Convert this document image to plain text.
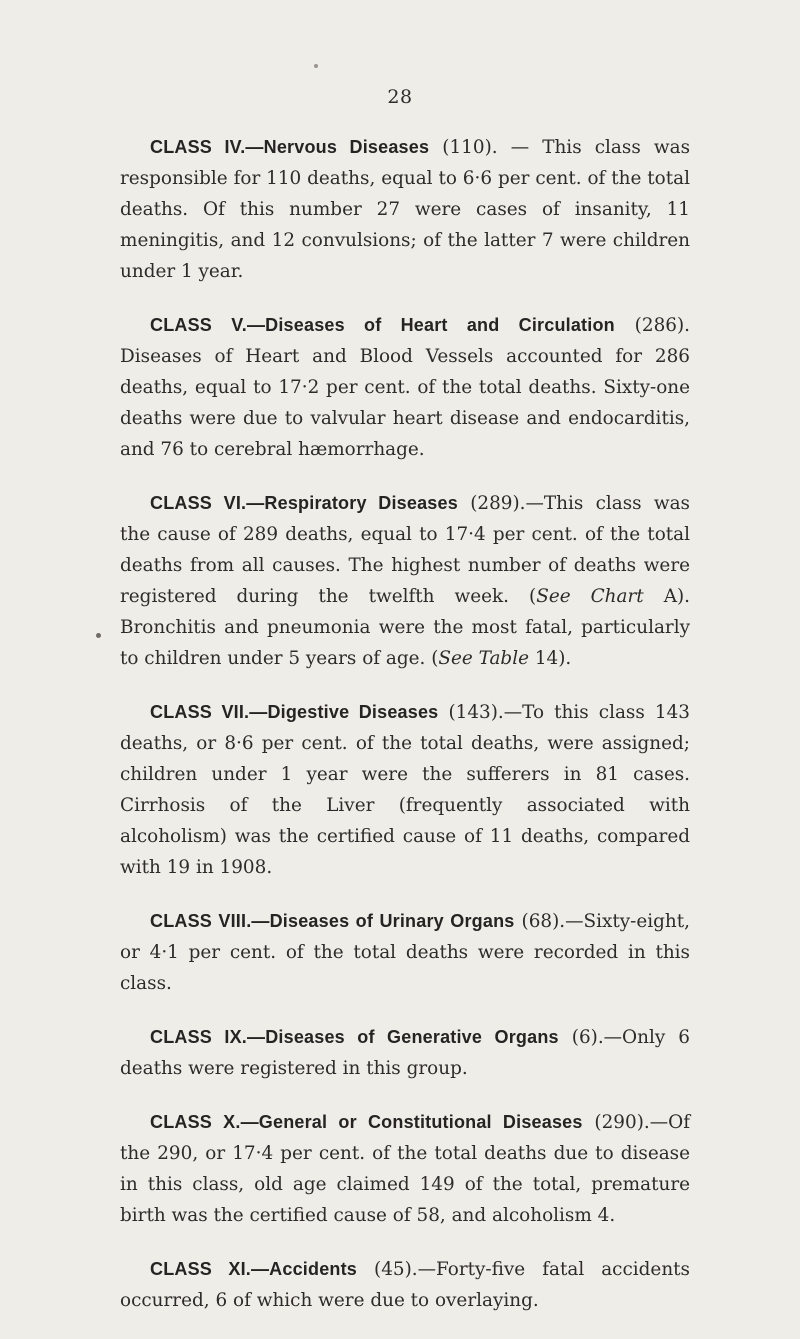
28

CLASS IV.—Nervous Diseases (110). — This class was responsible for 110 deaths, equal to 6·6 per cent. of the total deaths. Of this number 27 were cases of insanity, 11 meningitis, and 12 convulsions; of the latter 7 were children under 1 year.

CLASS V.—Diseases of Heart and Circulation (286). Diseases of Heart and Blood Vessels accounted for 286 deaths, equal to 17·2 per cent. of the total deaths. Sixty-one deaths were due to valvular heart disease and endocarditis, and 76 to cerebral hæmorrhage.

CLASS VI.—Respiratory Diseases (289).—This class was the cause of 289 deaths, equal to 17·4 per cent. of the total deaths from all causes. The highest number of deaths were registered during the twelfth week. (See Chart A). Bronchitis and pneumonia were the most fatal, particularly to children under 5 years of age. (See Table 14).

CLASS VII.—Digestive Diseases (143).—To this class 143 deaths, or 8·6 per cent. of the total deaths, were assigned; children under 1 year were the sufferers in 81 cases. Cirrhosis of the Liver (frequently associated with alcoholism) was the certified cause of 11 deaths, compared with 19 in 1908.

CLASS VIII.—Diseases of Urinary Organs (68).—Sixty-eight, or 4·1 per cent. of the total deaths were recorded in this class.

CLASS IX.—Diseases of Generative Organs (6).—Only 6 deaths were registered in this group.

CLASS X.—General or Constitutional Diseases (290).—Of the 290, or 17·4 per cent. of the total deaths due to disease in this class, old age claimed 149 of the total, premature birth was the certified cause of 58, and alcoholism 4.

CLASS XI.—Accidents (45).—Forty-five fatal accidents occurred, 6 of which were due to overlaying.
